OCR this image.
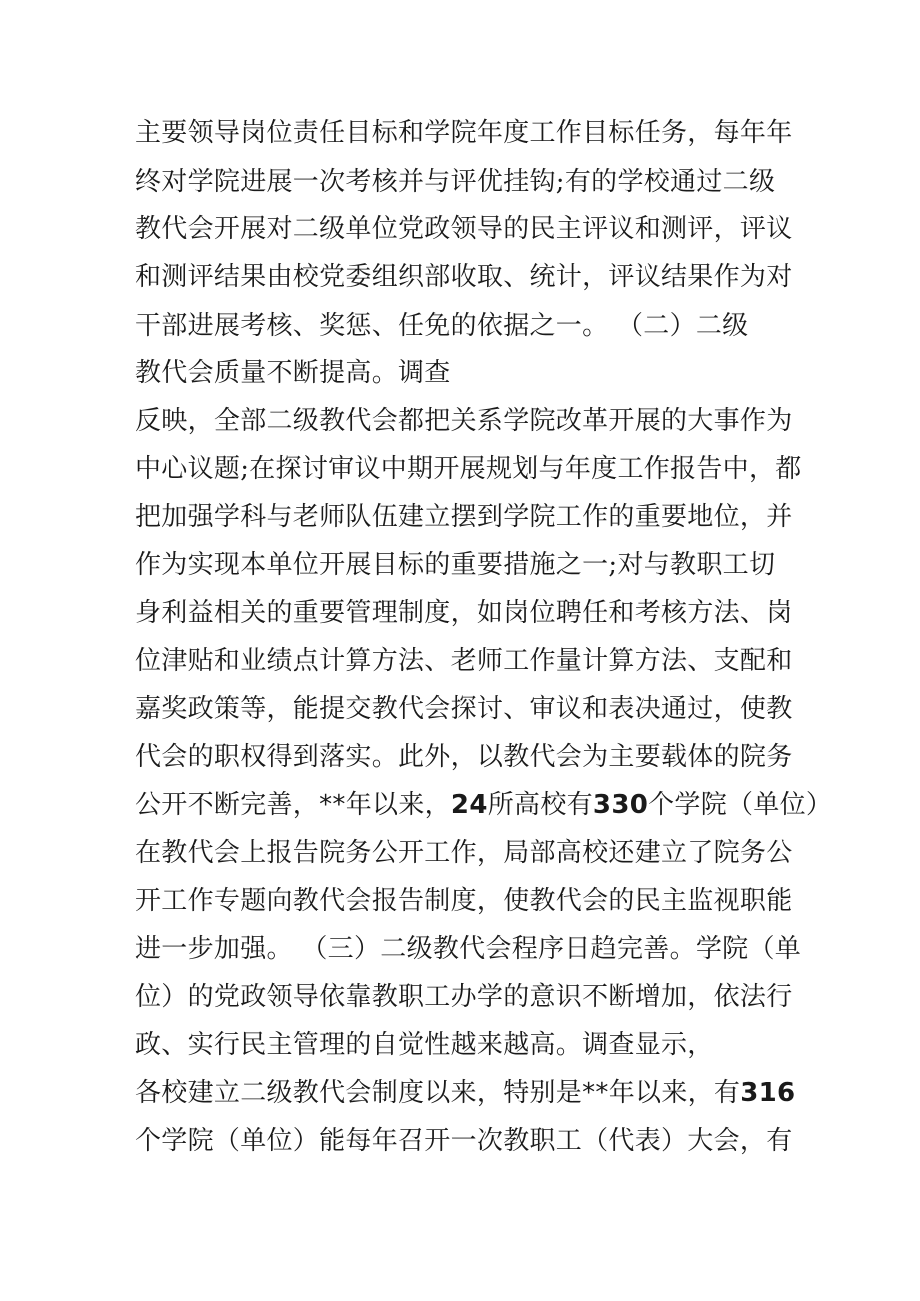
主要领导岗位责任目标和学院年度工作目标任务，每年年
终对学院进展一次考核并与评优挂钩;有的学校通过二级
教代会开展对二级单位党政领导的民主评议和测评，评议
和测评结果由校党委组织部收取、统计，评议结果作为对
干部进展考核、奖惩、任免的依据之一。 （二）二级
教代会质量不断提高。调查
反映，全部二级教代会都把关系学院改革开展的大事作为
中心议题;在探讨审议中期开展规划与年度工作报告中，都
把加强学科与老师队伍建立摆到学院工作的重要地位，并
作为实现本单位开展目标的重要措施之一;对与教职工切
身利益相关的重要管理制度，如岗位聘任和考核方法、岗
位津贴和业绩点计算方法、老师工作量计算方法、支配和
嘉奖政策等，能提交教代会探讨、审议和表决通过，使教
代会的职权得到落实。此外，以教代会为主要载体的院务
公开不断完善，**年以来，24所高校有330个学院（单位）
在教代会上报告院务公开工作，局部高校还建立了院务公
开工作专题向教代会报告制度，使教代会的民主监视职能
进一步加强。 （三）二级教代会程序日趋完善。学院（单
位）的党政领导依靠教职工办学的意识不断增加，依法行
政、实行民主管理的自觉性越来越高。调查显示，
各校建立二级教代会制度以来，特别是**年以来，有316
个学院（单位）能每年召开一次教职工（代表）大会，有
